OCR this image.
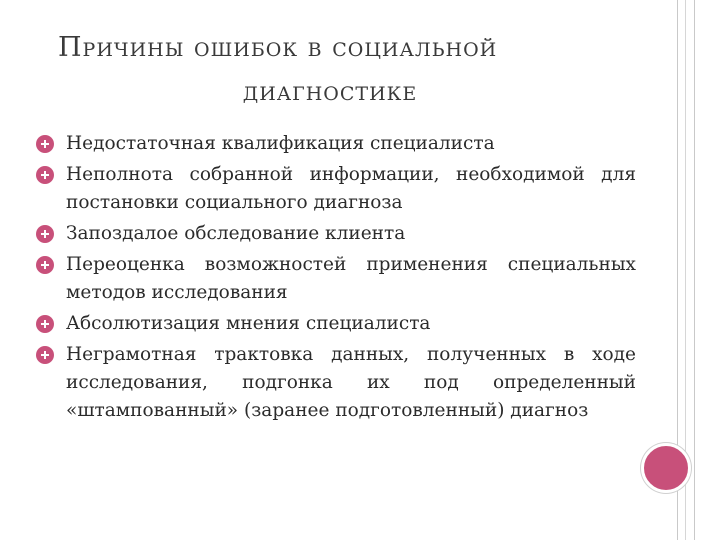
Причины ошибок в социальной
диагностике
Недостаточная квалификация специалиста
Неполнота собранной информации, необходимой для постановки социального диагноза
Запоздалое обследование клиента
Переоценка возможностей применения специальных методов исследования
Абсолютизация мнения специалиста
Неграмотная трактовка данных, полученных в ходе исследования, подгонка их под определенный «штампованный» (заранее подготовленный) диагноз
